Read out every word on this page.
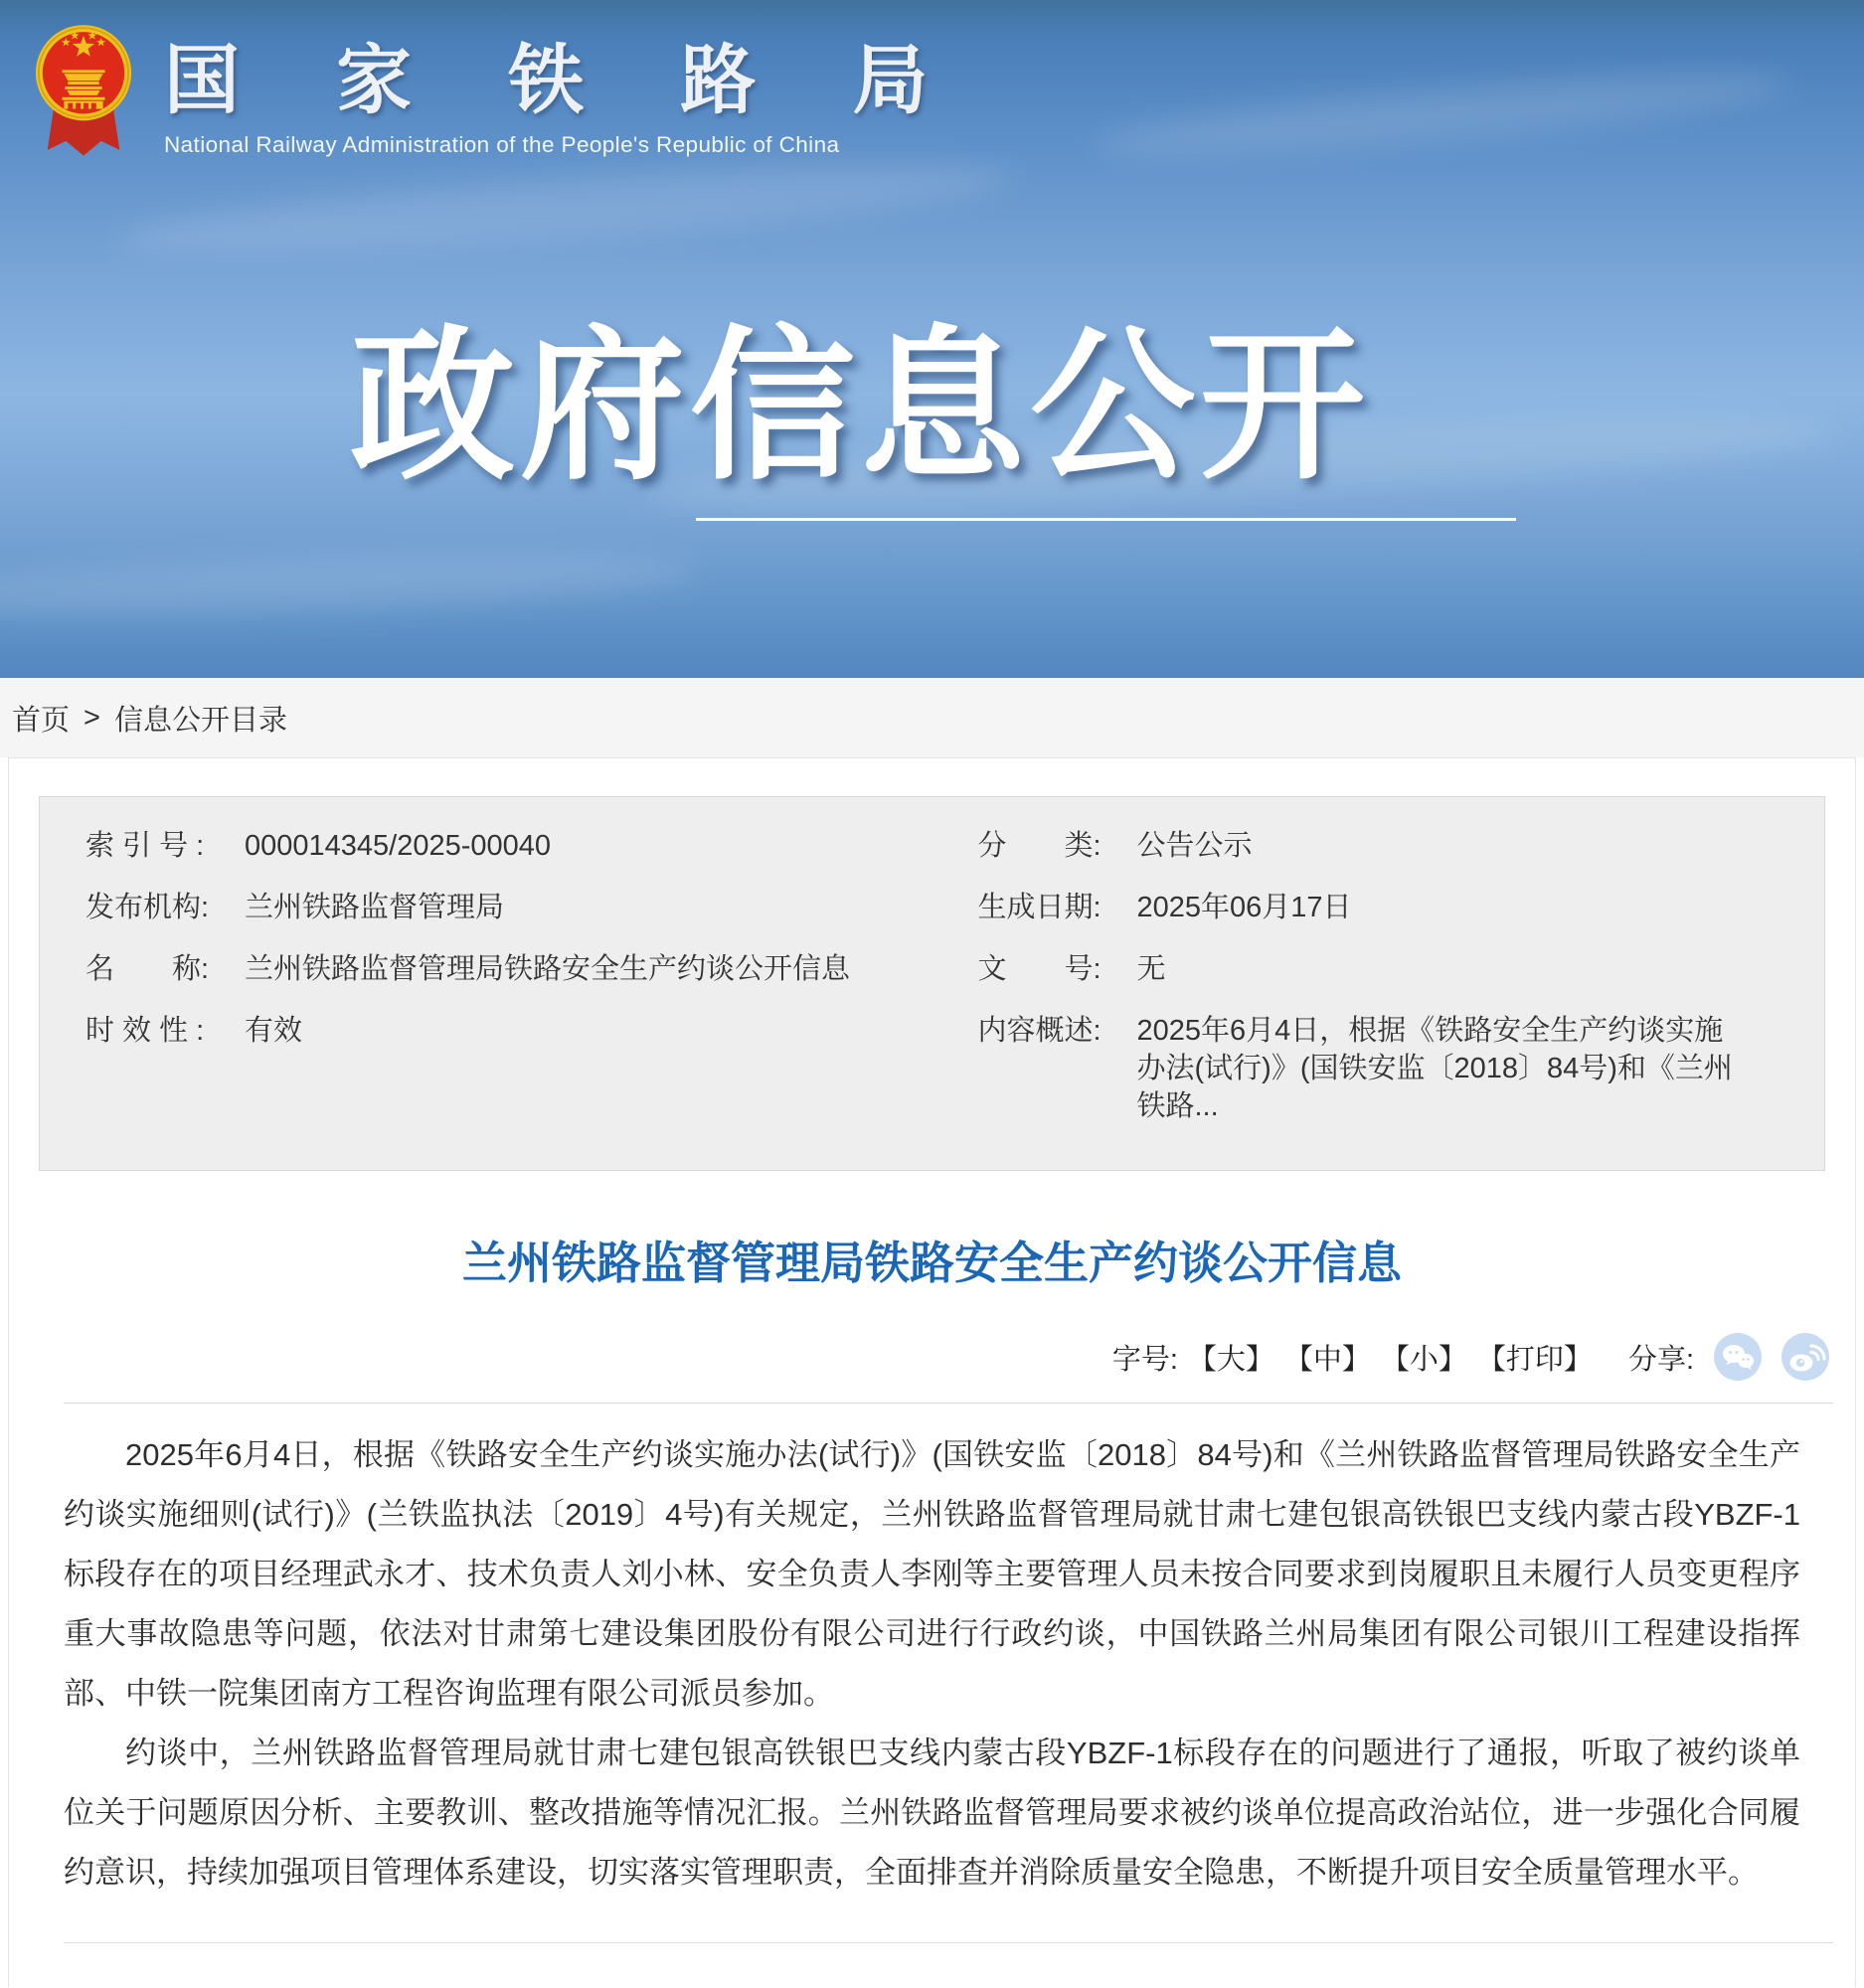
国 家 铁 路 局
National Railway Administration of the People's Republic of China
政府信息公开
首页 > 信息公开目录
索 引 号 :	000014345/2025-00040
发布机构:	兰州铁路监督管理局
名　　称:	兰州铁路监督管理局铁路安全生产约谈公开信息
时 效 性 :	有效
分　　类:	公告公示
生成日期:	2025年06月17日
文　　号:	无
内容概述:	2025年6月4日，根据《铁路安全生产约谈实施办法(试行)》(国铁安监〔2018〕84号)和《兰州铁路...
兰州铁路监督管理局铁路安全生产约谈公开信息
字号: 【大】 【中】 【小】 【打印】 分享:

2025年6月4日，根据《铁路安全生产约谈实施办法(试行)》(国铁安监〔2018〕84号)和《兰州铁路监督管理局铁路安全生产约谈实施细则(试行)》(兰铁监执法〔2019〕4号)有关规定，兰州铁路监督管理局就甘肃七建包银高铁银巴支线内蒙古段YBZF-1标段存在的项目经理武永才、技术负责人刘小林、安全负责人李刚等主要管理人员未按合同要求到岗履职且未履行人员变更程序重大事故隐患等问题，依法对甘肃第七建设集团股份有限公司进行行政约谈，中国铁路兰州局集团有限公司银川工程建设指挥部、中铁一院集团南方工程咨询监理有限公司派员参加。

约谈中，兰州铁路监督管理局就甘肃七建包银高铁银巴支线内蒙古段YBZF-1标段存在的问题进行了通报，听取了被约谈单位关于问题原因分析、主要教训、整改措施等情况汇报。兰州铁路监督管理局要求被约谈单位提高政治站位，进一步强化合同履约意识，持续加强项目管理体系建设，切实落实管理职责，全面排查并消除质量安全隐患，不断提升项目安全质量管理水平。
